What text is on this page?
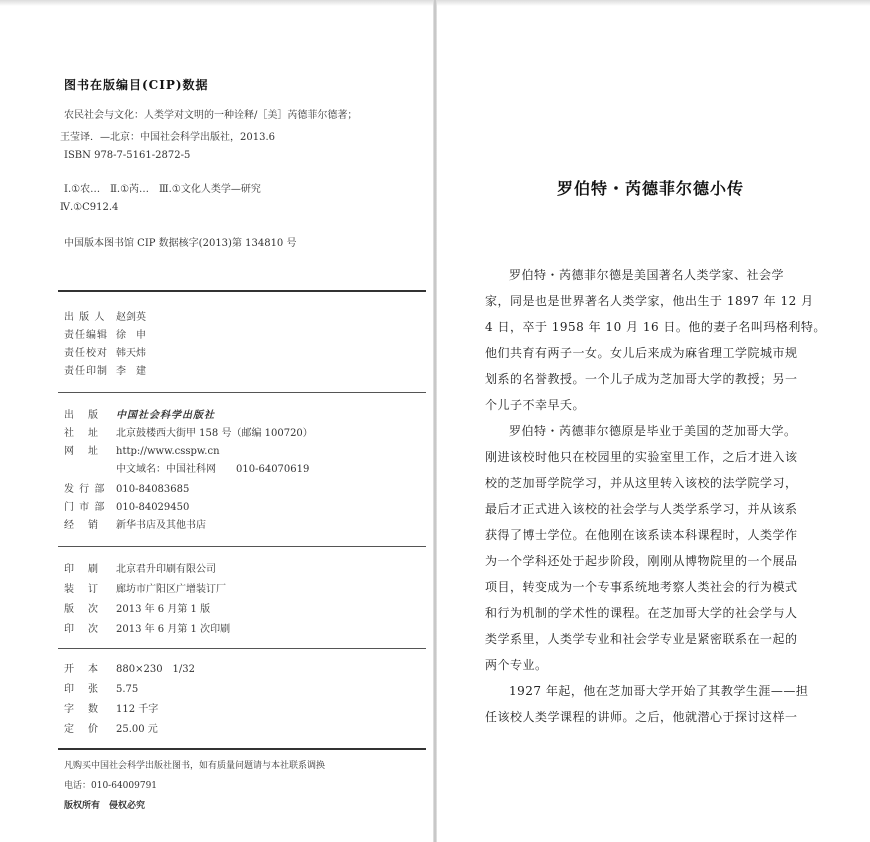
图书在版编目(CIP)数据
农民社会与文化：人类学对文明的一种诠释/［美］芮德菲尔德著；
王莹译．—北京：中国社会科学出版社，2013.6
ISBN 978-7-5161-2872-5
Ⅰ.①农…　Ⅱ.①芮…　Ⅲ.①文化人类学—研究
Ⅳ.①C912.4
中国版本图书馆 CIP 数据核字(2013)第 134810 号
出 版 人 赵剑英
责任编辑 徐　申
责任校对 韩天炜
责任印制 李　建
出版 中国社会科学出版社
社址 北京鼓楼西大街甲 158 号（邮编 100720）
网址 http://www.csspw.cn
中文域名：中国社科网　　010-64070619
发 行 部 010-84083685
门 市 部 010-84029450
经销 新华书店及其他书店
印刷 北京君升印刷有限公司
装订 廊坊市广阳区广增装订厂
版次 2013 年 6 月第 1 版
印次 2013 年 6 月第 1 次印刷
开本 880×230　1/32
印张 5.75
字数 112 千字
定价 25.00 元
凡购买中国社会科学出版社图书，如有质量问题请与本社联系调换
电话：010-64009791
版权所有　侵权必究
罗伯特・芮德菲尔德小传
罗伯特・芮德菲尔德是美国著名人类学家、社会学
家，同是也是世界著名人类学家，他出生于 1897 年 12 月
4 日，卒于 1958 年 10 月 16 日。他的妻子名叫玛格利特。
他们共育有两子一女。女儿后来成为麻省理工学院城市规
划系的名誉教授。一个儿子成为芝加哥大学的教授；另一
个儿子不幸早夭。
罗伯特・芮德菲尔德原是毕业于美国的芝加哥大学。
刚进该校时他只在校园里的实验室里工作，之后才进入该
校的芝加哥学院学习，并从这里转入该校的法学院学习，
最后才正式进入该校的社会学与人类学系学习，并从该系
获得了博士学位。在他刚在该系读本科课程时，人类学作
为一个学科还处于起步阶段，刚刚从博物院里的一个展品
项目，转变成为一个专事系统地考察人类社会的行为模式
和行为机制的学术性的课程。在芝加哥大学的社会学与人
类学系里，人类学专业和社会学专业是紧密联系在一起的
两个专业。
1927 年起，他在芝加哥大学开始了其教学生涯——担
任该校人类学课程的讲师。之后，他就潜心于探讨这样一
